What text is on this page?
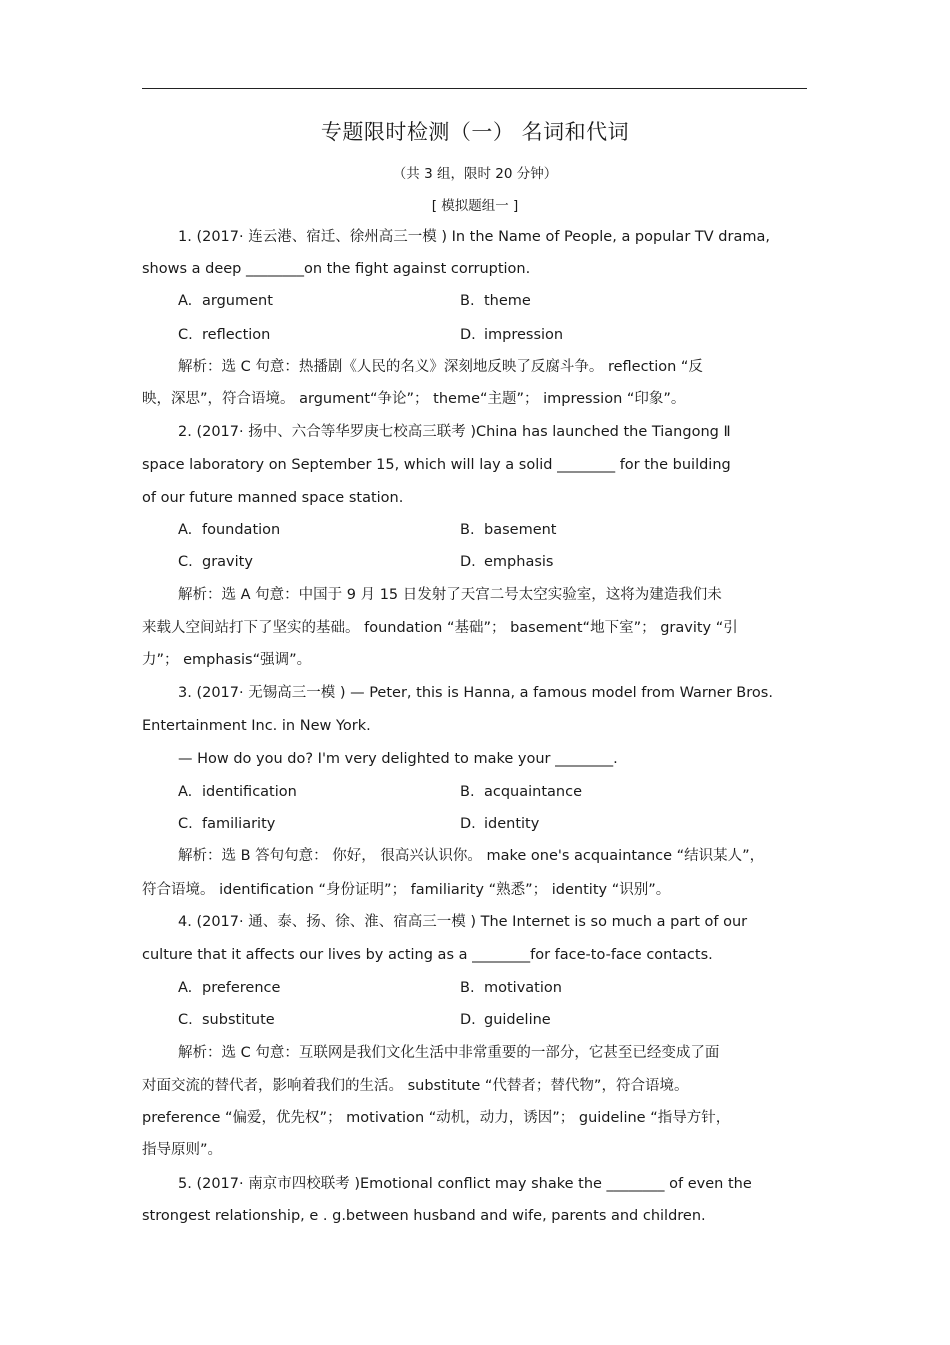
专题限时检测（一） 名词和代词
（共 3 组，限时 20 分钟）
[ 模拟题组一 ]
1. (2017· 连云港、宿迁、徐州高三一模 ) In the Name of People, a popular TV drama,
shows a deep ________on the fight against corruption.
A. argument	B. theme
C. reflection	D. impression
解析：选 C 句意：热播剧《人民的名义》深刻地反映了反腐斗争。 reflection “反
映，深思”，符合语境。 argument“争论”； theme“主题”； impression “印象”。
2. (2017· 扬中、六合等华罗庚七校高三联考 )China has launched the Tiangong Ⅱ
space laboratory on September 15, which will lay a solid ________ for the building
of our future manned space station.
A. foundation	B. basement
C. gravity	D. emphasis
解析：选 A 句意：中国于 9 月 15 日发射了天宫二号太空实验室，这将为建造我们未
来载人空间站打下了坚实的基础。 foundation “基础”； basement“地下室”； gravity “引
力”； emphasis“强调”。
3. (2017· 无锡高三一模 ) — Peter, this is Hanna, a famous model from Warner Bros.
Entertainment Inc. in New York.
— How do you do? I'm very delighted to make your ________.
A. identification	B. acquaintance
C. familiarity	D. identity
解析：选 B 答句句意： 你好， 很高兴认识你。 make one's acquaintance “结识某人”，
符合语境。 identification “身份证明”； familiarity “熟悉”； identity “识别”。
4. (2017· 通、泰、扬、徐、淮、宿高三一模 ) The Internet is so much a part of our
culture that it affects our lives by acting as a ________for face-to-face contacts.
A. preference	B. motivation
C. substitute	D. guideline
解析：选 C 句意：互联网是我们文化生活中非常重要的一部分，它甚至已经变成了面
对面交流的替代者，影响着我们的生活。 substitute “代替者；替代物”，符合语境。
preference “偏爱，优先权”； motivation “动机，动力，诱因”； guideline “指导方针，
指导原则”。
5. (2017· 南京市四校联考 )Emotional conflict may shake the ________ of even the
strongest relationship, e . g.between husband and wife, parents and children.
